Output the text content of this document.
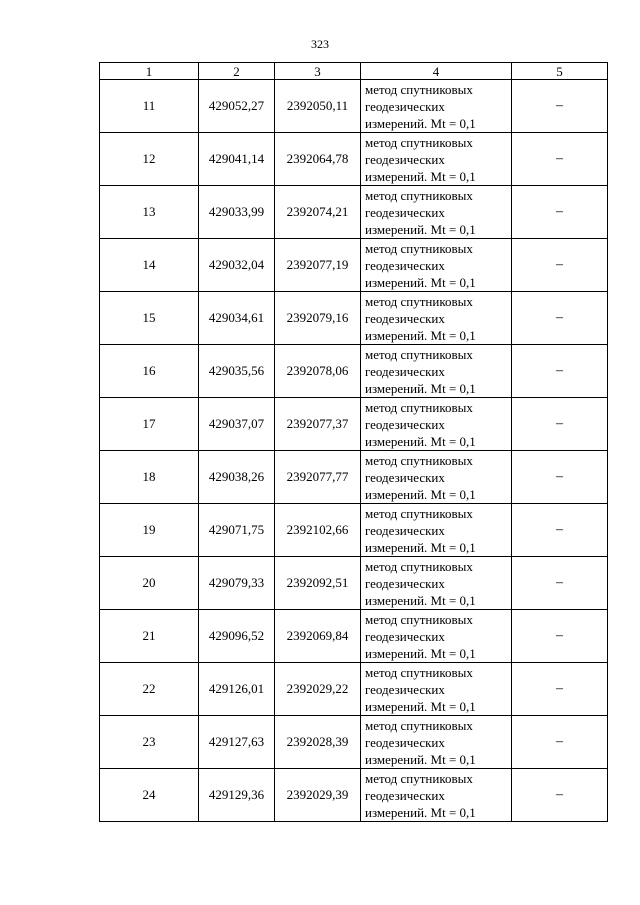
323
1	2	3	4	5
11	429052,27	2392050,11	метод спутниковых
геодезических
измерений. Mt = 0,1	–
12	429041,14	2392064,78	метод спутниковых
геодезических
измерений. Mt = 0,1	–
13	429033,99	2392074,21	метод спутниковых
геодезических
измерений. Mt = 0,1	–
14	429032,04	2392077,19	метод спутниковых
геодезических
измерений. Mt = 0,1	–
15	429034,61	2392079,16	метод спутниковых
геодезических
измерений. Mt = 0,1	–
16	429035,56	2392078,06	метод спутниковых
геодезических
измерений. Mt = 0,1	–
17	429037,07	2392077,37	метод спутниковых
геодезических
измерений. Mt = 0,1	–
18	429038,26	2392077,77	метод спутниковых
геодезических
измерений. Mt = 0,1	–
19	429071,75	2392102,66	метод спутниковых
геодезических
измерений. Mt = 0,1	–
20	429079,33	2392092,51	метод спутниковых
геодезических
измерений. Mt = 0,1	–
21	429096,52	2392069,84	метод спутниковых
геодезических
измерений. Mt = 0,1	–
22	429126,01	2392029,22	метод спутниковых
геодезических
измерений. Mt = 0,1	–
23	429127,63	2392028,39	метод спутниковых
геодезических
измерений. Mt = 0,1	–
24	429129,36	2392029,39	метод спутниковых
геодезических
измерений. Mt = 0,1	–
